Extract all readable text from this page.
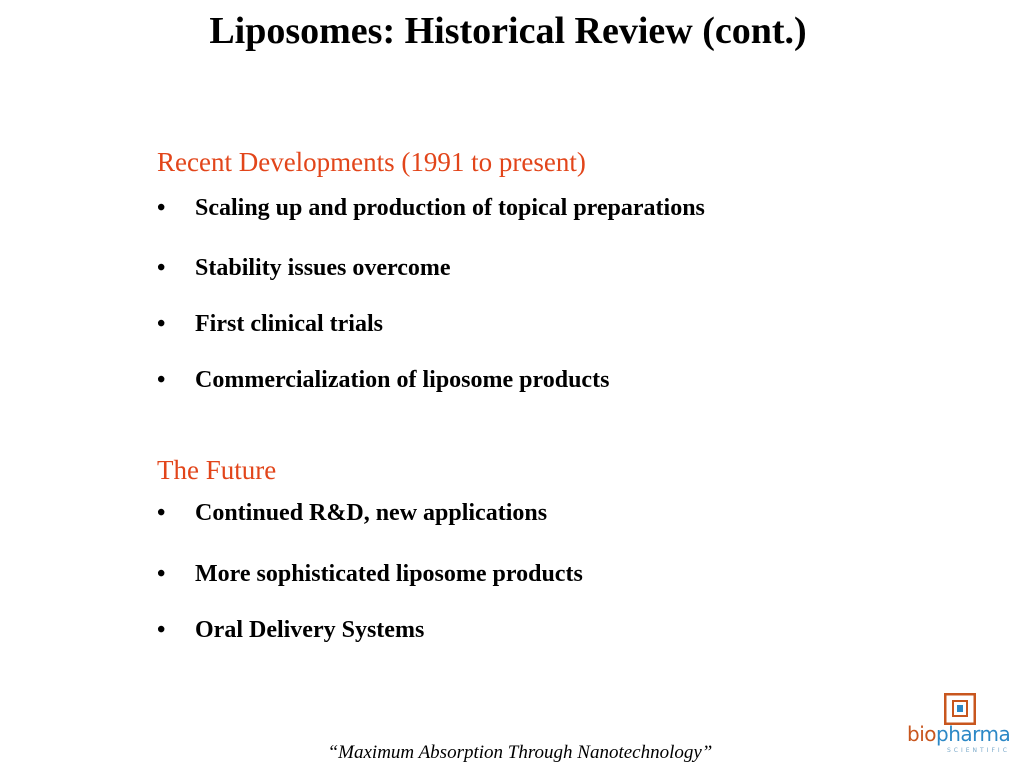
Liposomes: Historical Review (cont.)
Recent Developments (1991 to present)
• Scaling up and production of topical preparations
• Stability issues overcome
• First clinical trials
• Commercialization of liposome products
The Future
• Continued R&D, new applications
• More sophisticated liposome products
• Oral Delivery Systems
“Maximum Absorption Through Nanotechnology”
biopharma
SCIENTIFIC
